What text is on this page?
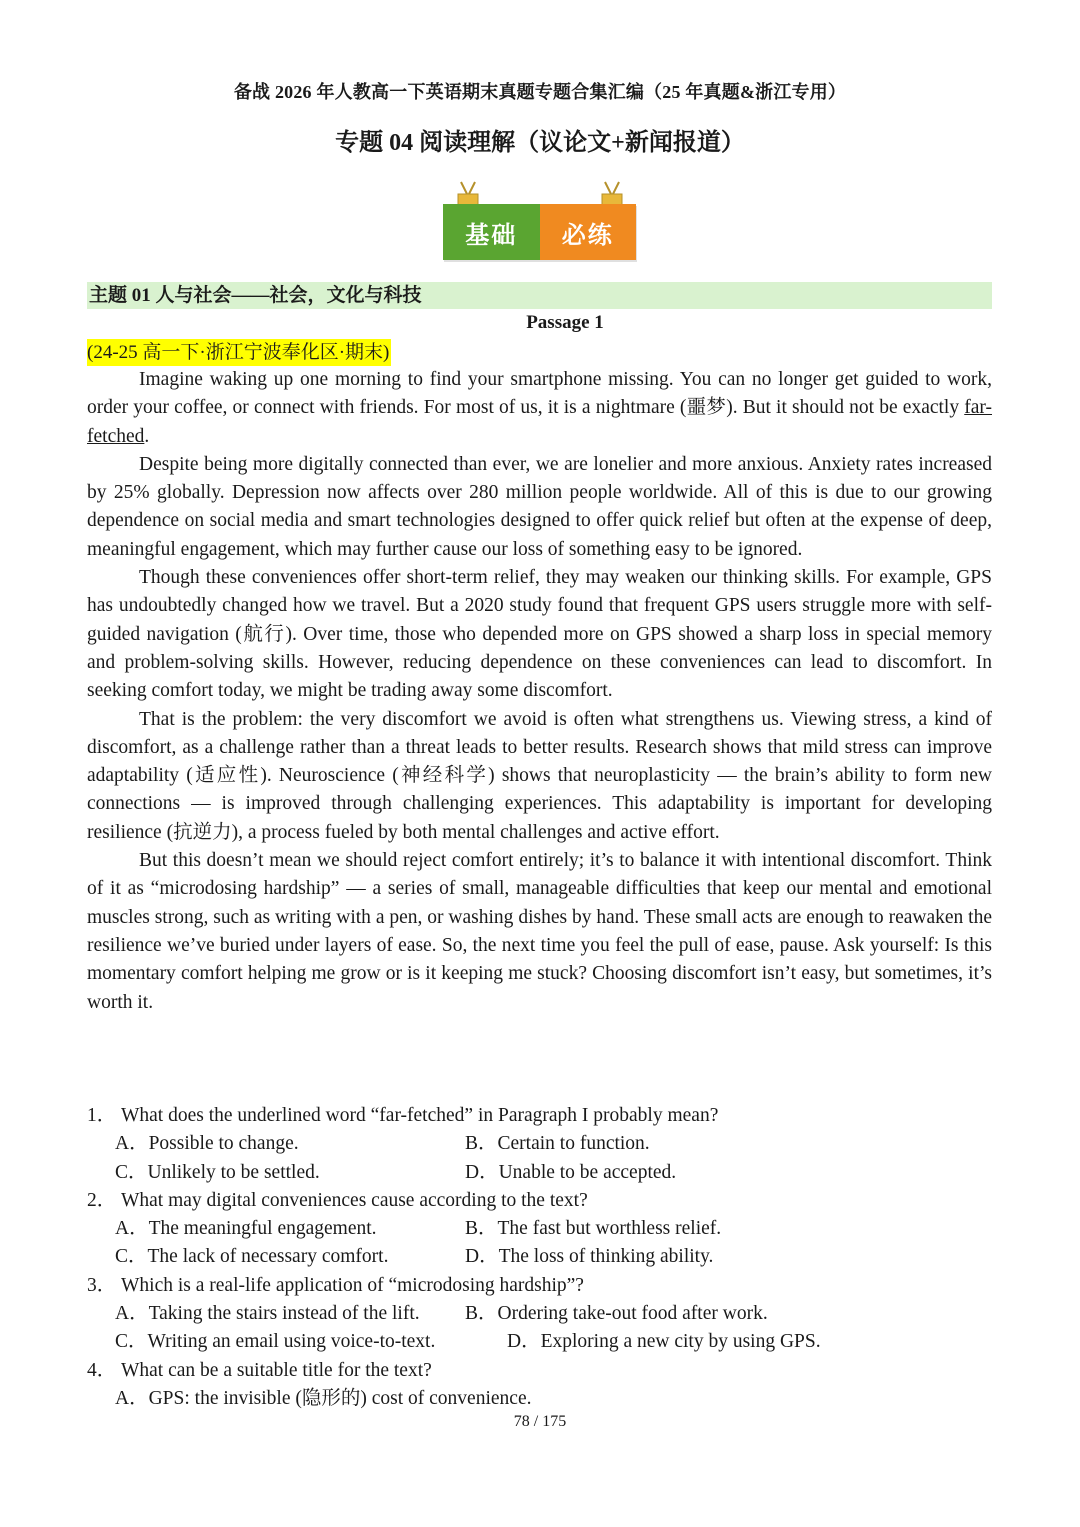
备战 2026 年人教高一下英语期末真题专题合集汇编（25 年真题&浙江专用）
专题 04 阅读理解（议论文+新闻报道）
基础	必练
主题 01 人与社会——社会，文化与科技
Passage 1
(24-25 高一下·浙江宁波奉化区·期末)

Imagine waking up one morning to find your smartphone missing. You can no longer get guided to work, order your coffee, or connect with friends. For most of us, it is a nightmare (噩梦). But it should not be exactly far-fetched.

Despite being more digitally connected than ever, we are lonelier and more anxious. Anxiety rates increased by 25% globally. Depression now affects over 280 million people worldwide. All of this is due to our growing dependence on social media and smart technologies designed to offer quick relief but often at the expense of deep, meaningful engagement, which may further cause our loss of something easy to be ignored.

Though these conveniences offer short-term relief, they may weaken our thinking skills. For example, GPS has undoubtedly changed how we travel. But a 2020 study found that frequent GPS users struggle more with self-guided navigation (航行). Over time, those who depended more on GPS showed a sharp loss in special memory and problem-solving skills. However, reducing dependence on these conveniences can lead to discomfort. In seeking comfort today, we might be trading away some discomfort.

That is the problem: the very discomfort we avoid is often what strengthens us. Viewing stress, a kind of discomfort, as a challenge rather than a threat leads to better results. Research shows that mild stress can improve adaptability (适应性). Neuroscience (神经科学) shows that neuroplasticity — the brain’s ability to form new connections — is improved through challenging experiences. This adaptability is important for developing resilience (抗逆力), a process fueled by both mental challenges and active effort.

But this doesn’t mean we should reject comfort entirely; it’s to balance it with intentional discomfort. Think of it as “microdosing hardship” — a series of small, manageable difficulties that keep our mental and emotional muscles strong, such as writing with a pen, or washing dishes by hand. These small acts are enough to reawaken the resilience we’ve buried under layers of ease. So, the next time you feel the pull of ease, pause. Ask yourself: Is this momentary comfort helping me grow or is it keeping me stuck? Choosing discomfort isn’t easy, but sometimes, it’s worth it.

1． What does the underlined word “far-fetched” in Paragraph I probably mean?
A．Possible to change.	B．Certain to function.
C．Unlikely to be settled.	D．Unable to be accepted.
2． What may digital conveniences cause according to the text?
A．The meaningful engagement.	B．The fast but worthless relief.
C．The lack of necessary comfort.	D．The loss of thinking ability.
3． Which is a real-life application of “microdosing hardship”?
A．Taking the stairs instead of the lift. B．Ordering take-out food after work.
C．Writing an email using voice-to-text.	D．Exploring a new city by using GPS.
4． What can be a suitable title for the text?
A．GPS: the invisible (隐形的) cost of convenience.
78 / 175
